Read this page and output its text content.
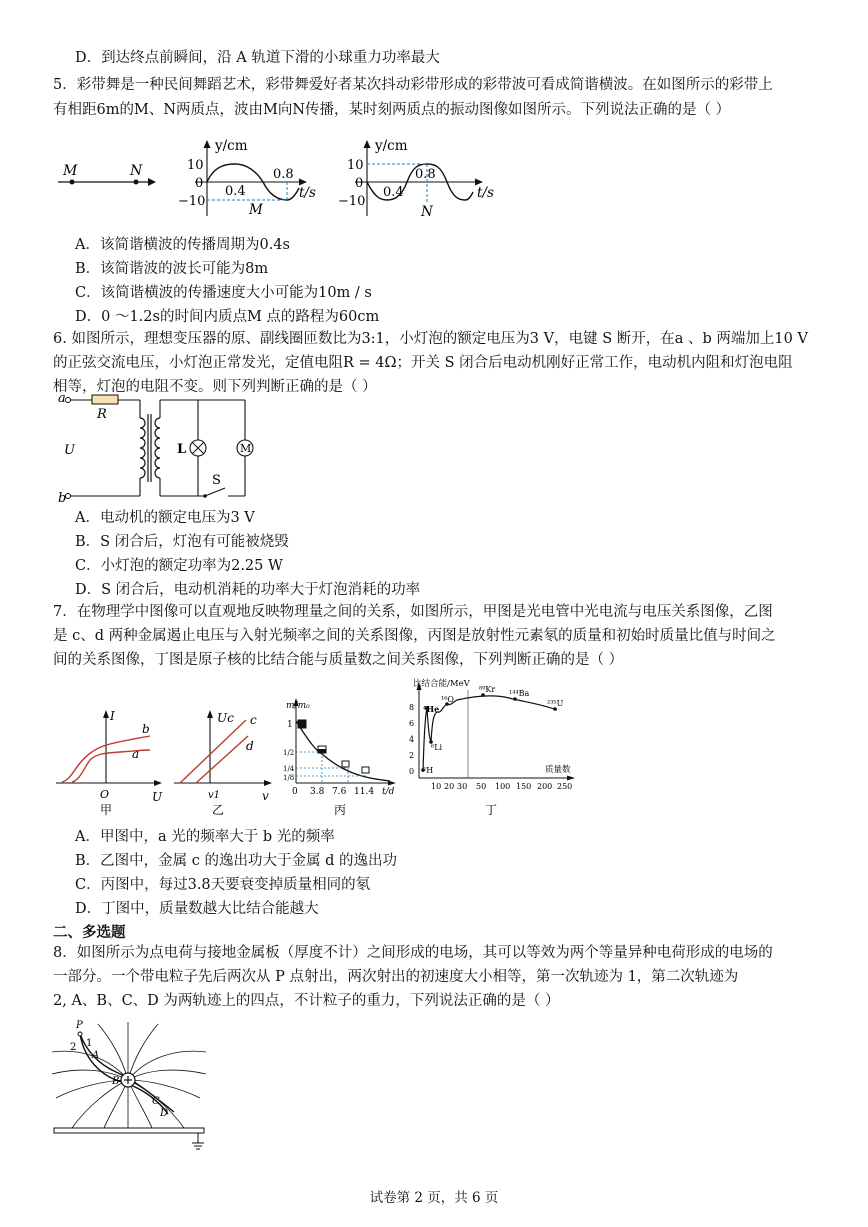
D．到达终点前瞬间，沿 A 轨道下滑的小球重力功率最大
5．彩带舞是一种民间舞蹈艺术，彩带舞爱好者某次抖动彩带形成的彩带波可看成简谐横波。在如图所示的彩带上
有相距6m的M、N两质点，波由M向N传播，某时刻两质点的振动图像如图所示。下列说法正确的是（ ）
M	N
y/cm
10
0
−10
0.4
0.8
t/s
M
y/cm
10
0
−10
0.4
0.8
t/s
N
A．该简谐横波的传播周期为0.4s
B．该简谐波的波长可能为8m
C．该简谐横波的传播速度大小可能为10m / s
D．0 ～1.2s的时间内质点M 点的路程为60cm
6. 如图所示，理想变压器的原、副线圈匝数比为3:1，小灯泡的额定电压为3 V，电键 S 断开，在a 、b 两端加上10 V
的正弦交流电压，小灯泡正常发光，定值电阻R = 4Ω；开关 S 闭合后电动机刚好正常工作，电动机内阻和灯泡电阻
相等，灯泡的电阻不变。则下列判断正确的是（ ）
a
b
R
U	L	M
S
A．电动机的额定电压为3 V
B．S 闭合后，灯泡有可能被烧毁
C．小灯泡的额定功率为2.25 W
D．S 闭合后，电动机消耗的功率大于灯泡消耗的功率
7．在物理学中图像可以直观地反映物理量之间的关系，如图所示，甲图是光电管中光电流与电压关系图像，乙图
是 c、d 两种金属遏止电压与入射光频率之间的关系图像，丙图是放射性元素氡的质量和初始时质量比值与时间之
间的关系图像，丁图是原子核的比结合能与质量数之间关系图像，下列判断正确的是（ ）
I
U
O
b
a
甲
Uc
v
v1
c
d
乙
m/m₀
1
1/2
1/4
1/8
0 3.8 7.6 11.4 t/d
丙
比结合能/MeV
8
6
4
2
0
10 20 30 50 100 150 200 250
质量数
⁴He
¹⁶O
⁸⁹Kr ¹⁴⁴Ba
²³⁵U
⁶Li
²H
丁
A．甲图中，a 光的频率大于 b 光的频率
B．乙图中，金属 c 的逸出功大于金属 d 的逸出功
C．丙图中，每过3.8天要衰变掉质量相同的氡
D．丁图中，质量数越大比结合能越大
二、多选题
8．如图所示为点电荷与接地金属板（厚度不计）之间形成的电场，其可以等效为两个等量异种电荷形成的电场的
一部分。一个带电粒子先后两次从 P 点射出，两次射出的初速度大小相等，第一次轨迹为 1，第二次轨迹为
2, A、B、C、D 为两轨迹上的四点，不计粒子的重力，下列说法正确的是（ ）
P
2 1
A
B
C
D
试卷第 2 页，共 6 页
